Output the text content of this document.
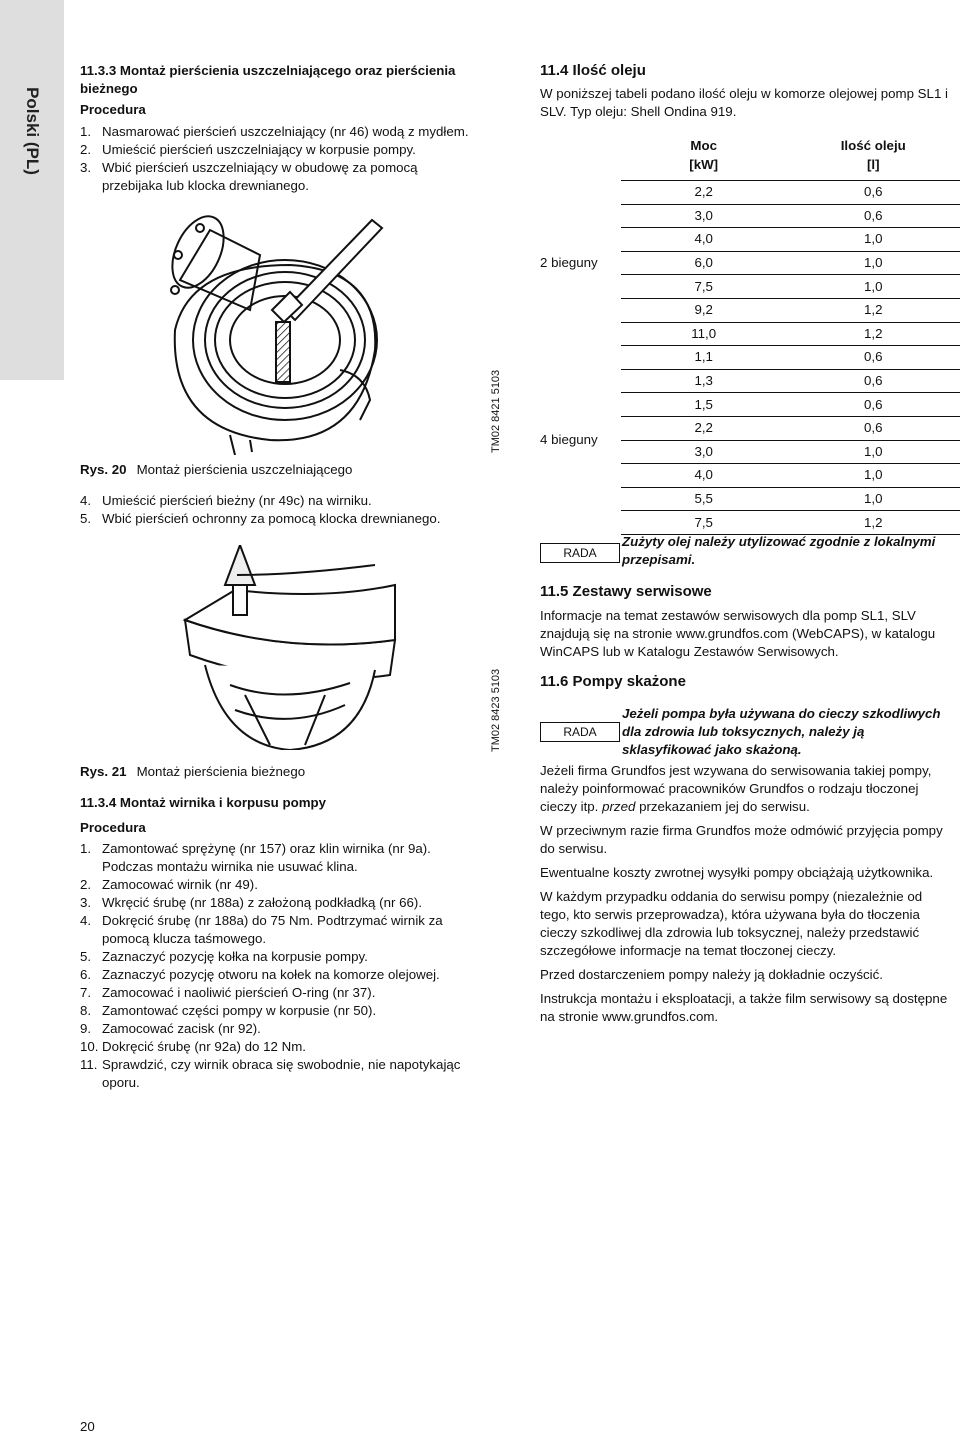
Polski (PL)
11.3.3 Montaż pierścienia uszczelniającego oraz pierścienia bieżnego
Procedura
1. Nasmarować pierścień uszczelniający (nr 46) wodą z mydłem.
2. Umieścić pierścień uszczelniający w korpusie pompy.
3. Wbić pierścień uszczelniający w obudowę za pomocą przebijaka lub klocka drewnianego.
TM02 8421 5103
Rys. 20 Montaż pierścienia uszczelniającego
4. Umieścić pierścień bieżny (nr 49c) na wirniku.
5. Wbić pierścień ochronny za pomocą klocka drewnianego.
TM02 8423 5103
Rys. 21 Montaż pierścienia bieżnego
11.3.4 Montaż wirnika i korpusu pompy
Procedura
1. Zamontować sprężynę (nr 157) oraz klin wirnika (nr 9a). Podczas montażu wirnika nie usuwać klina.
2. Zamocować wirnik (nr 49).
3. Wkręcić śrubę (nr 188a) z założoną podkładką (nr 66).
4. Dokręcić śrubę (nr 188a) do 75 Nm. Podtrzymać wirnik za pomocą klucza taśmowego.
5. Zaznaczyć pozycję kołka na korpusie pompy.
6. Zaznaczyć pozycję otworu na kołek na komorze olejowej.
7. Zamocować i naoliwić pierścień O-ring (nr 37).
8. Zamontować części pompy w korpusie (nr 50).
9. Zamocować zacisk (nr 92).
10. Dokręcić śrubę (nr 92a) do 12 Nm.
11. Sprawdzić, czy wirnik obraca się swobodnie, nie napotykając oporu.
20
11.4 Ilość oleju
W poniższej tabeli podano ilość oleju w komorze olejowej pomp SL1 i SLV. Typ oleju: Shell Ondina 919.
	Moc
[kW]	Ilość oleju
[l]
2 bieguny	2,2	0,6
	3,0	0,6
	4,0	1,0
	6,0	1,0
	7,5	1,0
	9,2	1,2
	11,0	1,2
4 bieguny	1,1	0,6
	1,3	0,6
	1,5	0,6
	2,2	0,6
	3,0	1,0
	4,0	1,0
	5,5	1,0
	7,5	1,2
RADA
Zużyty olej należy utylizować zgodnie z lokalnymi przepisami.
11.5 Zestawy serwisowe
Informacje na temat zestawów serwisowych dla pomp SL1, SLV znajdują się na stronie www.grundfos.com (WebCAPS), w katalogu WinCAPS lub w Katalogu Zestawów Serwisowych.
11.6 Pompy skażone
RADA
Jeżeli pompa była używana do cieczy szkodliwych dla zdrowia lub toksycznych, należy ją sklasyfikować jako skażoną.

Jeżeli firma Grundfos jest wzywana do serwisowania takiej pompy, należy poinformować pracowników Grundfos o rodzaju tłoczonej cieczy itp. przed przekazaniem jej do serwisu.

W przeciwnym razie firma Grundfos może odmówić przyjęcia pompy do serwisu.

Ewentualne koszty zwrotnej wysyłki pompy obciążają użytkownika.

W każdym przypadku oddania do serwisu pompy (niezależnie od tego, kto serwis przeprowadza), która używana była do tłoczenia cieczy szkodliwej dla zdrowia lub toksycznej, należy przedstawić szczegółowe informacje na temat tłoczonej cieczy.

Przed dostarczeniem pompy należy ją dokładnie oczyścić.

Instrukcja montażu i eksploatacji, a także film serwisowy są dostępne na stronie www.grundfos.com.
